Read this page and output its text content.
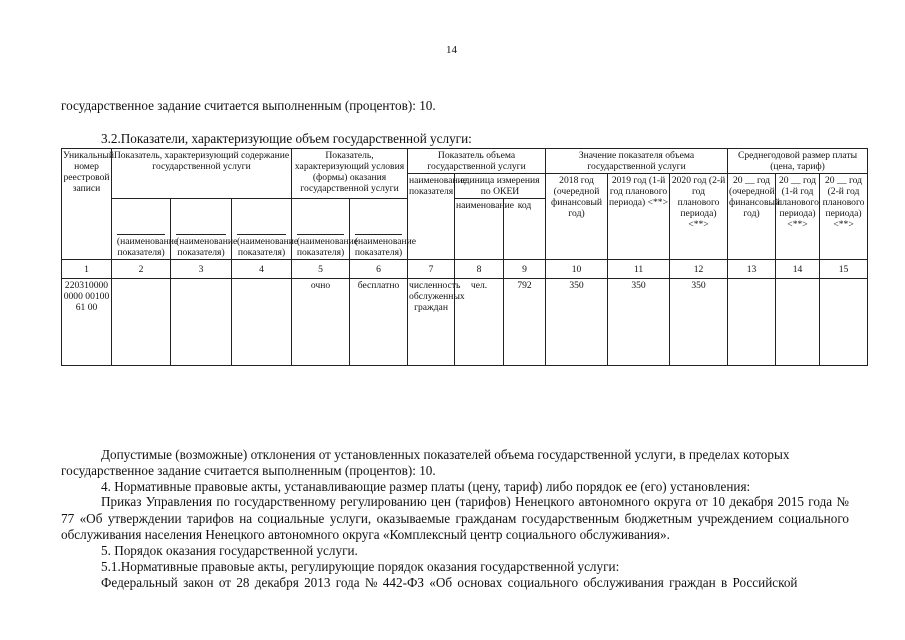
14
государственное задание считается выполненным (процентов): 10.
3.2.Показатели, характеризующие объем государственной услуги:
Уникальный номер реестровой записи	Показатель, характеризующий содержание государственной услуги			Показатель, характеризующий условия (формы) оказания государственной услуги		Показатель объема государственной услуги			Значение показателя объема государственной услуги			Среднегодовой размер платы (цена, тариф)		
						наименование показателя	единица измерения по ОКЕИ		2018 год (очередной финансовый год)	2019 год (1-й год планового периода) <**>	2020 год (2-й год планового периода) <**>	20 __ год (очередной финансовый год)	20 __ год (1-й год планового периода) <**>	20 __ год (2-й год планового периода) <**>
							наименование	код						
	(наименование показателя)	(наименование показателя)	(наименование показателя)	(наименование показателя)	(наименование показателя)									
1	2	3	4	5	6	7	8	9	10	11	12	13	14	15
2203100000000 0010061 00				очно	бесплатно	численность обслуженных граждан	чел.	792	350	350	350			
Допустимые (возможные) отклонения от установленных показателей объема государственной услуги, в пределах которых
государственное задание считается выполненным (процентов): 10.
4. Нормативные правовые акты, устанавливающие размер платы (цену, тариф) либо порядок ее (его) установления:
Приказ Управления по государственному регулированию цен (тарифов) Ненецкого автономного округа от 10 декабря 2015 года № 77 «Об утверждении тарифов на социальные услуги, оказываемые гражданам государственным бюджетным учреждением социального обслуживания населения Ненецкого автономного округа «Комплексный центр социального обслуживания».
5. Порядок оказания государственной услуги.
5.1.Нормативные правовые акты, регулирующие порядок оказания государственной услуги:
Федеральный закон от 28 декабря 2013 года № 442-ФЗ «Об основах социального обслуживания граждан в Российской
